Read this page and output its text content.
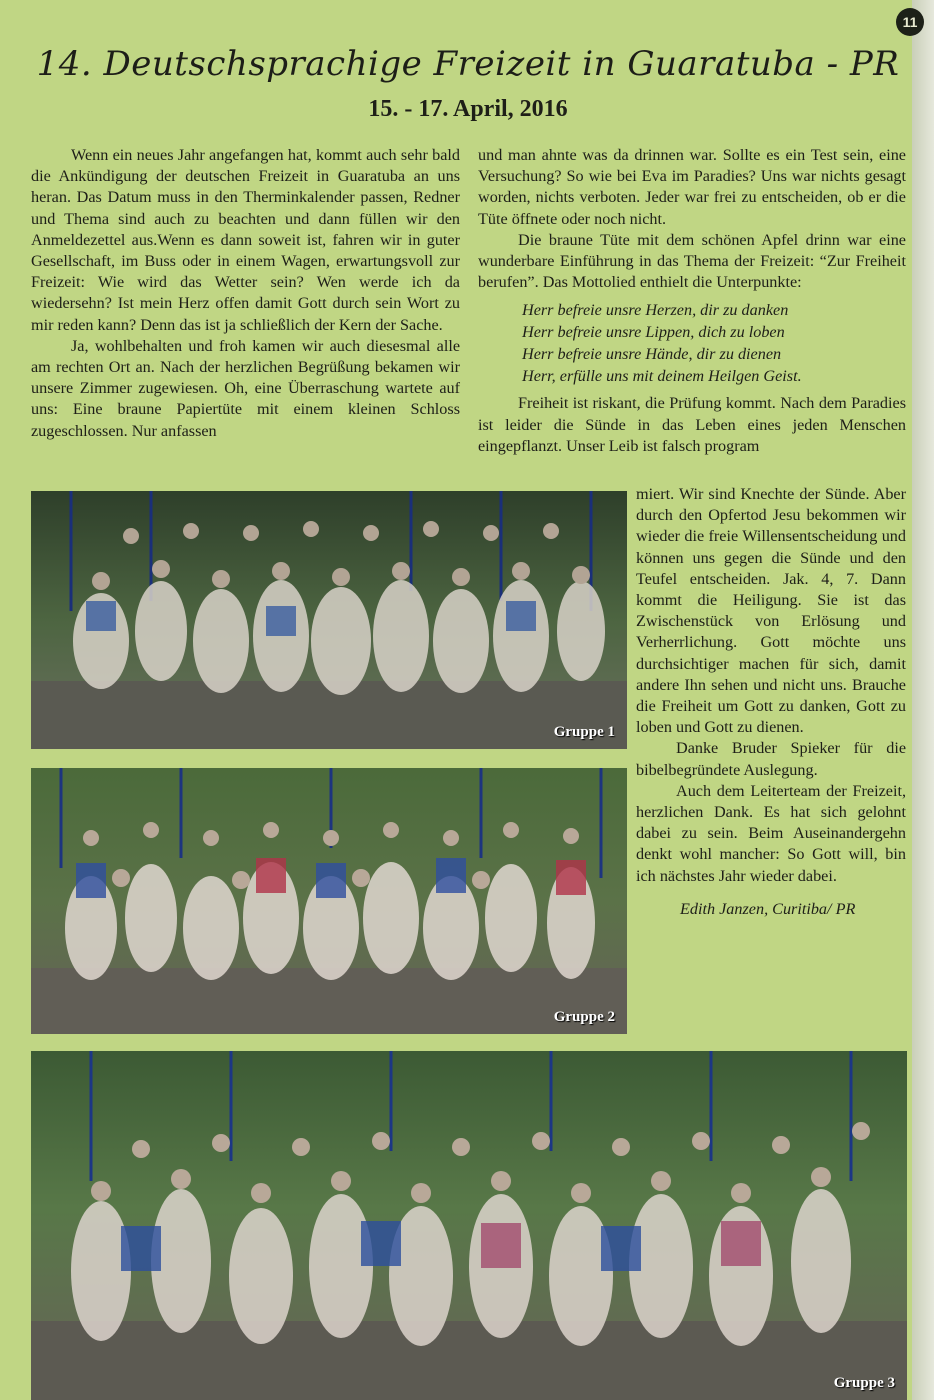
11
14. Deutschsprachige Freizeit in Guaratuba - PR
15. - 17. April, 2016

Wenn ein neues Jahr angefangen hat, kommt auch sehr bald die Ankündigung der deutschen Freizeit in Guaratuba an uns heran. Das Datum muss in den Therminkalender passen, Redner und Thema sind auch zu beachten und dann füllen wir den Anmeldezettel aus.Wenn es dann soweit ist, fahren wir in guter Gesellschaft, im Buss oder in einem Wagen, erwartungsvoll zur Freizeit: Wie wird das Wetter sein? Wen werde ich da wiedersehn? Ist mein Herz offen damit Gott durch sein Wort zu mir reden kann? Denn das ist ja schließlich der Kern der Sache.

Ja, wohlbehalten und froh kamen wir auch diesesmal alle am rechten Ort an. Nach der herzlichen Begrüßung bekamen wir unsere Zimmer zugewiesen. Oh, eine Überraschung wartete auf uns: Eine braune Papiertüte mit einem kleinen Schloss zugeschlossen. Nur anfassen

und man ahnte was da drinnen war. Sollte es ein Test sein, eine Versuchung? So wie bei Eva im Paradies? Uns war nichts gesagt worden, nichts verboten. Jeder war frei zu entscheiden, ob er die Tüte öffnete oder noch nicht.

Die braune Tüte mit dem schönen Apfel drinn war eine wunderbare Einführung in das Thema der Freizeit: “Zur Freiheit berufen”. Das Mottolied enthielt die Unterpunkte:

Herr befreie unsre Herzen, dir zu danken
Herr befreie unsre Lippen, dich zu loben
Herr befreie unsre Hände, dir zu dienen
Herr, erfülle uns mit deinem Heilgen Geist.

Freiheit ist riskant, die Prüfung kommt. Nach dem Paradies ist leider die Sünde in das Leben eines jeden Menschen eingepflanzt. Unser Leib ist falsch program

miert. Wir sind Knechte der Sünde. Aber durch den Opfertod Jesu bekommen wir wieder die freie Willensentscheidung und können uns gegen die Sünde und den Teufel entscheiden. Jak. 4, 7. Dann kommt die Heiligung. Sie ist das Zwischenstück von Erlösung und Verherrlichung. Gott möchte uns durchsichtiger machen für sich, damit andere Ihn sehen und nicht uns. Brauche die Freiheit um Gott zu danken, Gott zu loben und Gott zu dienen.

Danke Bruder Spieker für die bibelbegründete Auslegung.

Auch dem Leiterteam der Freizeit, herzlichen Dank. Es hat sich gelohnt dabei zu sein. Beim Auseinandergehn denkt wohl mancher: So Gott will, bin ich nächstes Jahr wieder dabei.

Edith Janzen, Curitiba/ PR
Gruppe 1
Gruppe 2
Gruppe 3
